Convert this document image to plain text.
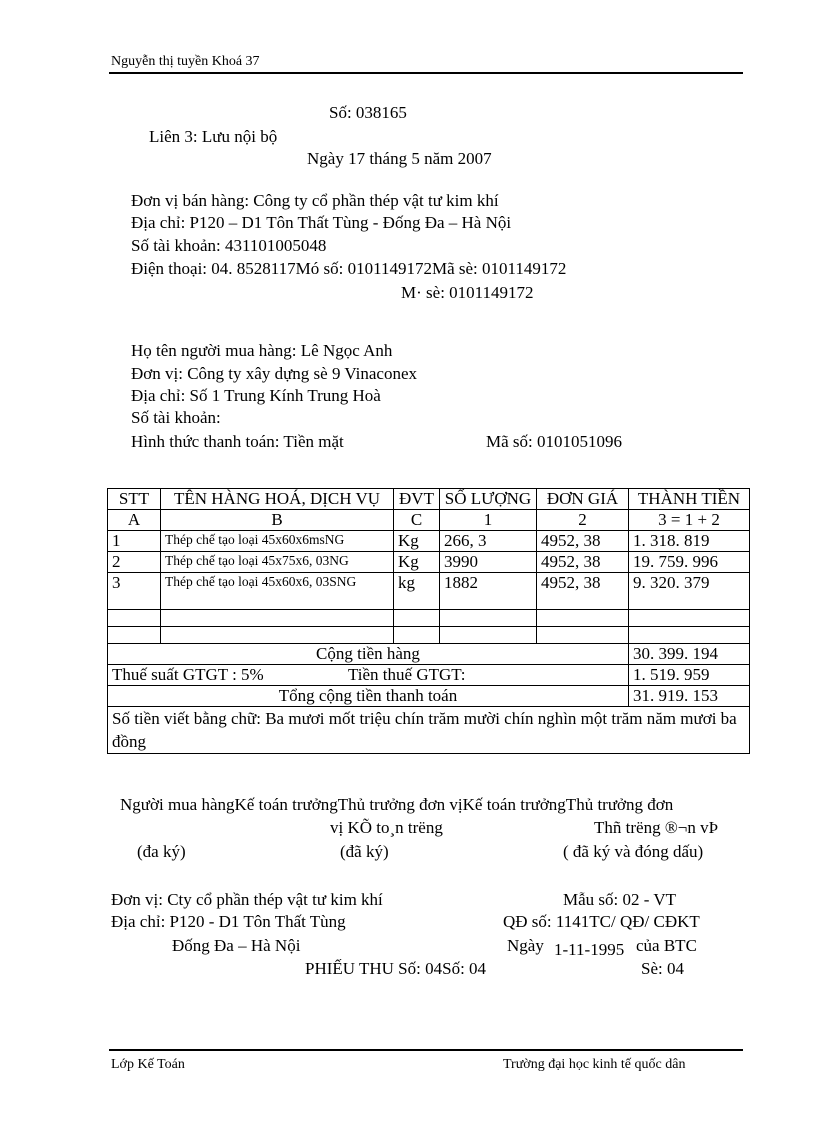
Nguyễn thị tuyền Khoá 37
Số: 038165
Liên 3: Lưu nội bộ
Ngày 17 tháng 5 năm 2007
Đơn vị bán hàng: Công ty cổ phần thép vật tư kim khí
Địa chỉ: P120 – D1 Tôn Thất Tùng - Đống Đa – Hà Nội
Số tài khoản: 431101005048
Điện thoại: 04. 8528117Mó số: 0101149172Mã sè: 0101149172
M· sè: 0101149172
Họ tên người mua hàng: Lê Ngọc Anh
Đơn vị: Công ty xây dựng sè 9 Vinaconex
Địa chỉ: Số 1 Trung Kính Trung Hoà
Số tài khoản:
Hình thức thanh toán: Tiền mặt	Mã số: 0101051096
STT	TÊN HÀNG HOÁ, DỊCH VỤ	ĐVT	SỐ LƯỢNG	ĐƠN GIÁ	THÀNH TIỀN
A	B	C	1	2	3 = 1 + 2
1	Thép chế tạo loại 45x60x6msNG	Kg	266, 3	4952, 38	1. 318. 819
2	Thép chế tạo loại 45x75x6, 03NG	Kg	3990	4952, 38	19. 759. 996
3	Thép chế tạo loại 45x60x6, 03SNG	kg	1882	4952, 38	9. 320. 379

Cộng tiền hàng					30. 399. 194
Thuế suất GTGT : 5% Tiền thuế GTGT:					1. 519. 959
Tổng cộng tiền thanh toán					31. 919. 153
Số tiền viết bằng chữ: Ba mươi mốt triệu chín trăm mười chín nghìn một trăm năm mươi ba đồng					
Người mua hàngKế toán trưởngThủ trưởng đơn vịKế toán trưởngThủ trưởng đơn
vị KÕ to¸n trëng	Thñ trëng ®¬n vÞ
(đa ký)	(đã ký)	( đã ký và đóng dấu)
Đơn vị: Cty cổ phần thép vật tư kim khí	Mẫu số: 02 - VT
Địa chỉ: P120 - D1 Tôn Thất Tùng	QĐ số: 1141TC/ QĐ/ CĐKT
Đống Đa – Hà Nội	Ngày 1-11-1995 của BTC
PHIẾU THU Số: 04Số: 04	Sè: 04
Lớp Kế Toán	Trường đại học kinh tế quốc dân
